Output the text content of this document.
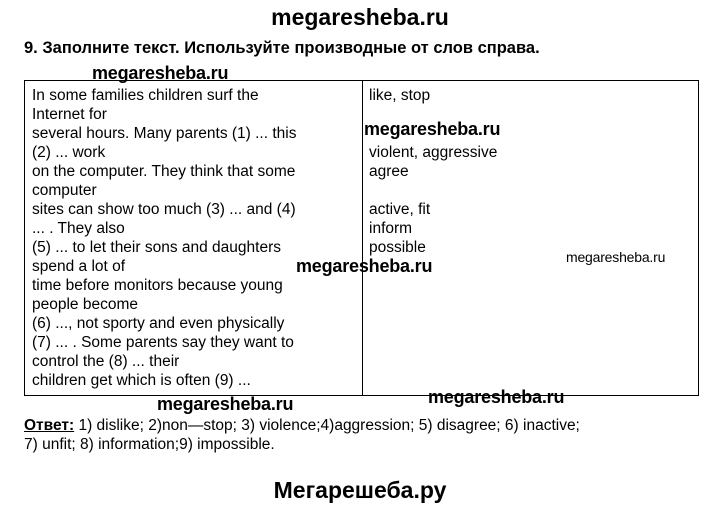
megaresheba.ru
9. Заполните текст. Используйте производные от слов справа.
In some families children surf the
Internet for
several hours. Many parents (1) ... this
(2) ... work
on the computer. They think that some
computer
sites can show too much (3) ... and (4)
... . They also
(5) ... to let their sons and daughters
spend a lot of
time before monitors because young
people become
(6) ..., not sporty and even physically
(7) ... . Some parents say they want to
control the (8) ... their
children get which is often (9) ...
like, stop
violent, aggressive
agree
active, fit
inform
possible
megaresheba.ru
megaresheba.ru
megaresheba.ru	megaresheba.ru
megaresheba.ru
megaresheba.ru
Ответ: 1) dislike; 2)non—stop; 3) violence;4)aggression; 5) disagree; 6) inactive;
7) unfit; 8) information;9) impossible.
Мегарешеба.ру
